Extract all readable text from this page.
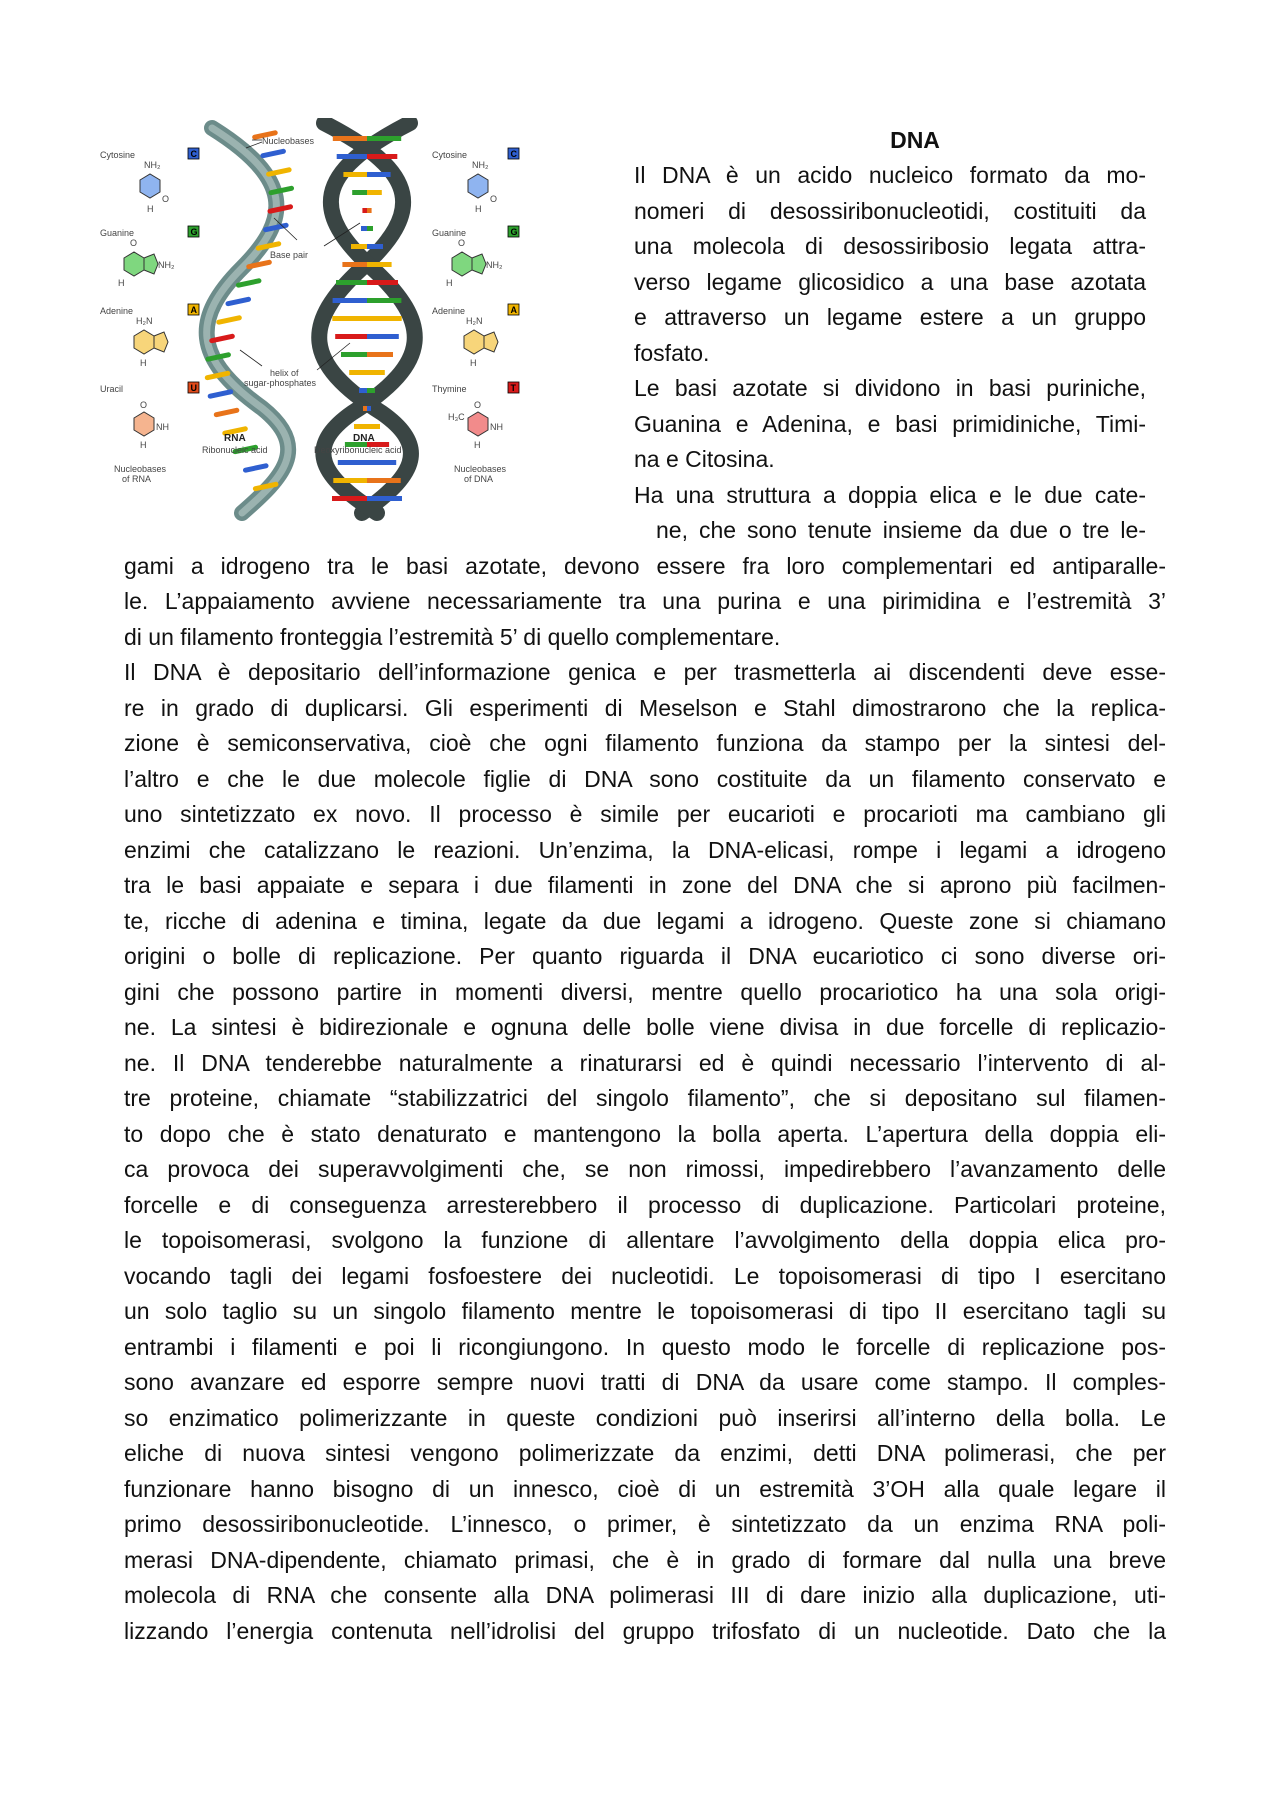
Cytosine	C
Guanine	G
Adenine	A
Uracil	U
NH₂
O
H
O
NH₂
H
H₂N
H
O
NH
H
Nucleobases
of RNA
Nucleobases
Base pair
helix of
sugar-phosphates
RNA
Ribonucleic acid
DNA
Deoxyribonucleic acid
Cytosine	C
Guanine	G
Adenine	A
Thymine	T
NH₂
O
H
O
NH₂
H
H₂N
H
O
H₃C
NH
H
Nucleobases
of DNA
DNA
Il DNA è un acido nucleico formato da mo-
nomeri di desossiribonucleotidi, costituiti da
una molecola di desossiribosio legata attra-
verso legame glicosidico a una base azotata
e attraverso un legame estere a un gruppo
fosfato.
Le basi azotate si dividono in basi puriniche,
Guanina e Adenina, e basi primidiniche, Timi-
na e Citosina.
Ha una struttura a doppia elica e le due cate-
ne, che sono tenute insieme da due o tre le-
gami a idrogeno tra le basi azotate, devono essere fra loro complementari ed antiparalle-
le. L’appaiamento avviene necessariamente tra una purina e una pirimidina e l’estremità 3’
di un filamento fronteggia l’estremità 5’ di quello complementare.
Il DNA è depositario dell’informazione genica e per trasmetterla ai discendenti deve esse-
re in grado di duplicarsi. Gli esperimenti di Meselson e Stahl dimostrarono che la replica-
zione è semiconservativa, cioè che ogni filamento funziona da stampo per la sintesi del-
l’altro e che le due molecole figlie di DNA sono costituite da un filamento conservato e
uno sintetizzato ex novo. Il processo è simile per eucarioti e procarioti ma cambiano gli
enzimi che catalizzano le reazioni. Un’enzima, la DNA-elicasi, rompe i legami a idrogeno
tra le basi appaiate e separa i due filamenti in zone del DNA che si aprono più facilmen-
te, ricche di adenina e timina, legate da due legami a idrogeno. Queste zone si chiamano
origini o bolle di replicazione. Per quanto riguarda il DNA eucariotico ci sono diverse ori-
gini che possono partire in momenti diversi, mentre quello procariotico ha una sola origi-
ne. La sintesi è bidirezionale e ognuna delle bolle viene divisa in due forcelle di replicazio-
ne. Il DNA tenderebbe naturalmente a rinaturarsi ed è quindi necessario l’intervento di al-
tre proteine, chiamate “stabilizzatrici del singolo filamento”, che si depositano sul filamen-
to dopo che è stato denaturato e mantengono la bolla aperta. L’apertura della doppia eli-
ca provoca dei superavvolgimenti che, se non rimossi, impedirebbero l’avanzamento delle
forcelle e di conseguenza arresterebbero il processo di duplicazione. Particolari proteine,
le topoisomerasi, svolgono la funzione di allentare l’avvolgimento della doppia elica pro-
vocando tagli dei legami fosfoestere dei nucleotidi. Le topoisomerasi di tipo I esercitano
un solo taglio su un singolo filamento mentre le topoisomerasi di tipo II esercitano tagli su
entrambi i filamenti e poi li ricongiungono. In questo modo le forcelle di replicazione pos-
sono avanzare ed esporre sempre nuovi tratti di DNA da usare come stampo. Il comples-
so enzimatico polimerizzante in queste condizioni può inserirsi all’interno della bolla. Le
eliche di nuova sintesi vengono polimerizzate da enzimi, detti DNA polimerasi, che per
funzionare hanno bisogno di un innesco, cioè di un estremità 3’OH alla quale legare il
primo desossiribonucleotide. L’innesco, o primer, è sintetizzato da un enzima RNA poli-
merasi DNA-dipendente, chiamato primasi, che è in grado di formare dal nulla una breve
molecola di RNA che consente alla DNA polimerasi III di dare inizio alla duplicazione, uti-
lizzando l’energia contenuta nell’idrolisi del gruppo trifosfato di un nucleotide. Dato che la
